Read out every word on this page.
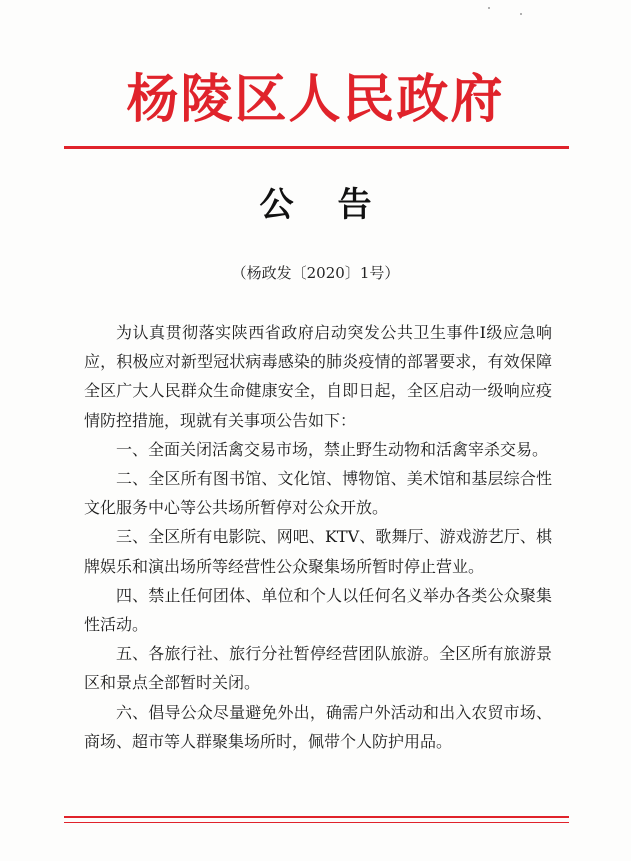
杨陵区人民政府
公 告
（杨政发〔2020〕1号）

为认真贯彻落实陕西省政府启动突发公共卫生事件Ⅰ级应急响应，积极应对新型冠状病毒感染的肺炎疫情的部署要求，有效保障全区广大人民群众生命健康安全，自即日起，全区启动一级响应疫情防控措施，现就有关事项公告如下：

一、全面关闭活禽交易市场，禁止野生动物和活禽宰杀交易。

二、全区所有图书馆、文化馆、博物馆、美术馆和基层综合性文化服务中心等公共场所暂停对公众开放。

三、全区所有电影院、网吧、KTV、歌舞厅、游戏游艺厅、棋牌娱乐和演出场所等经营性公众聚集场所暂时停止营业。

四、禁止任何团体、单位和个人以任何名义举办各类公众聚集性活动。

五、各旅行社、旅行分社暂停经营团队旅游。全区所有旅游景区和景点全部暂时关闭。

六、倡导公众尽量避免外出，确需户外活动和出入农贸市场、商场、超市等人群聚集场所时，佩带个人防护用品。
